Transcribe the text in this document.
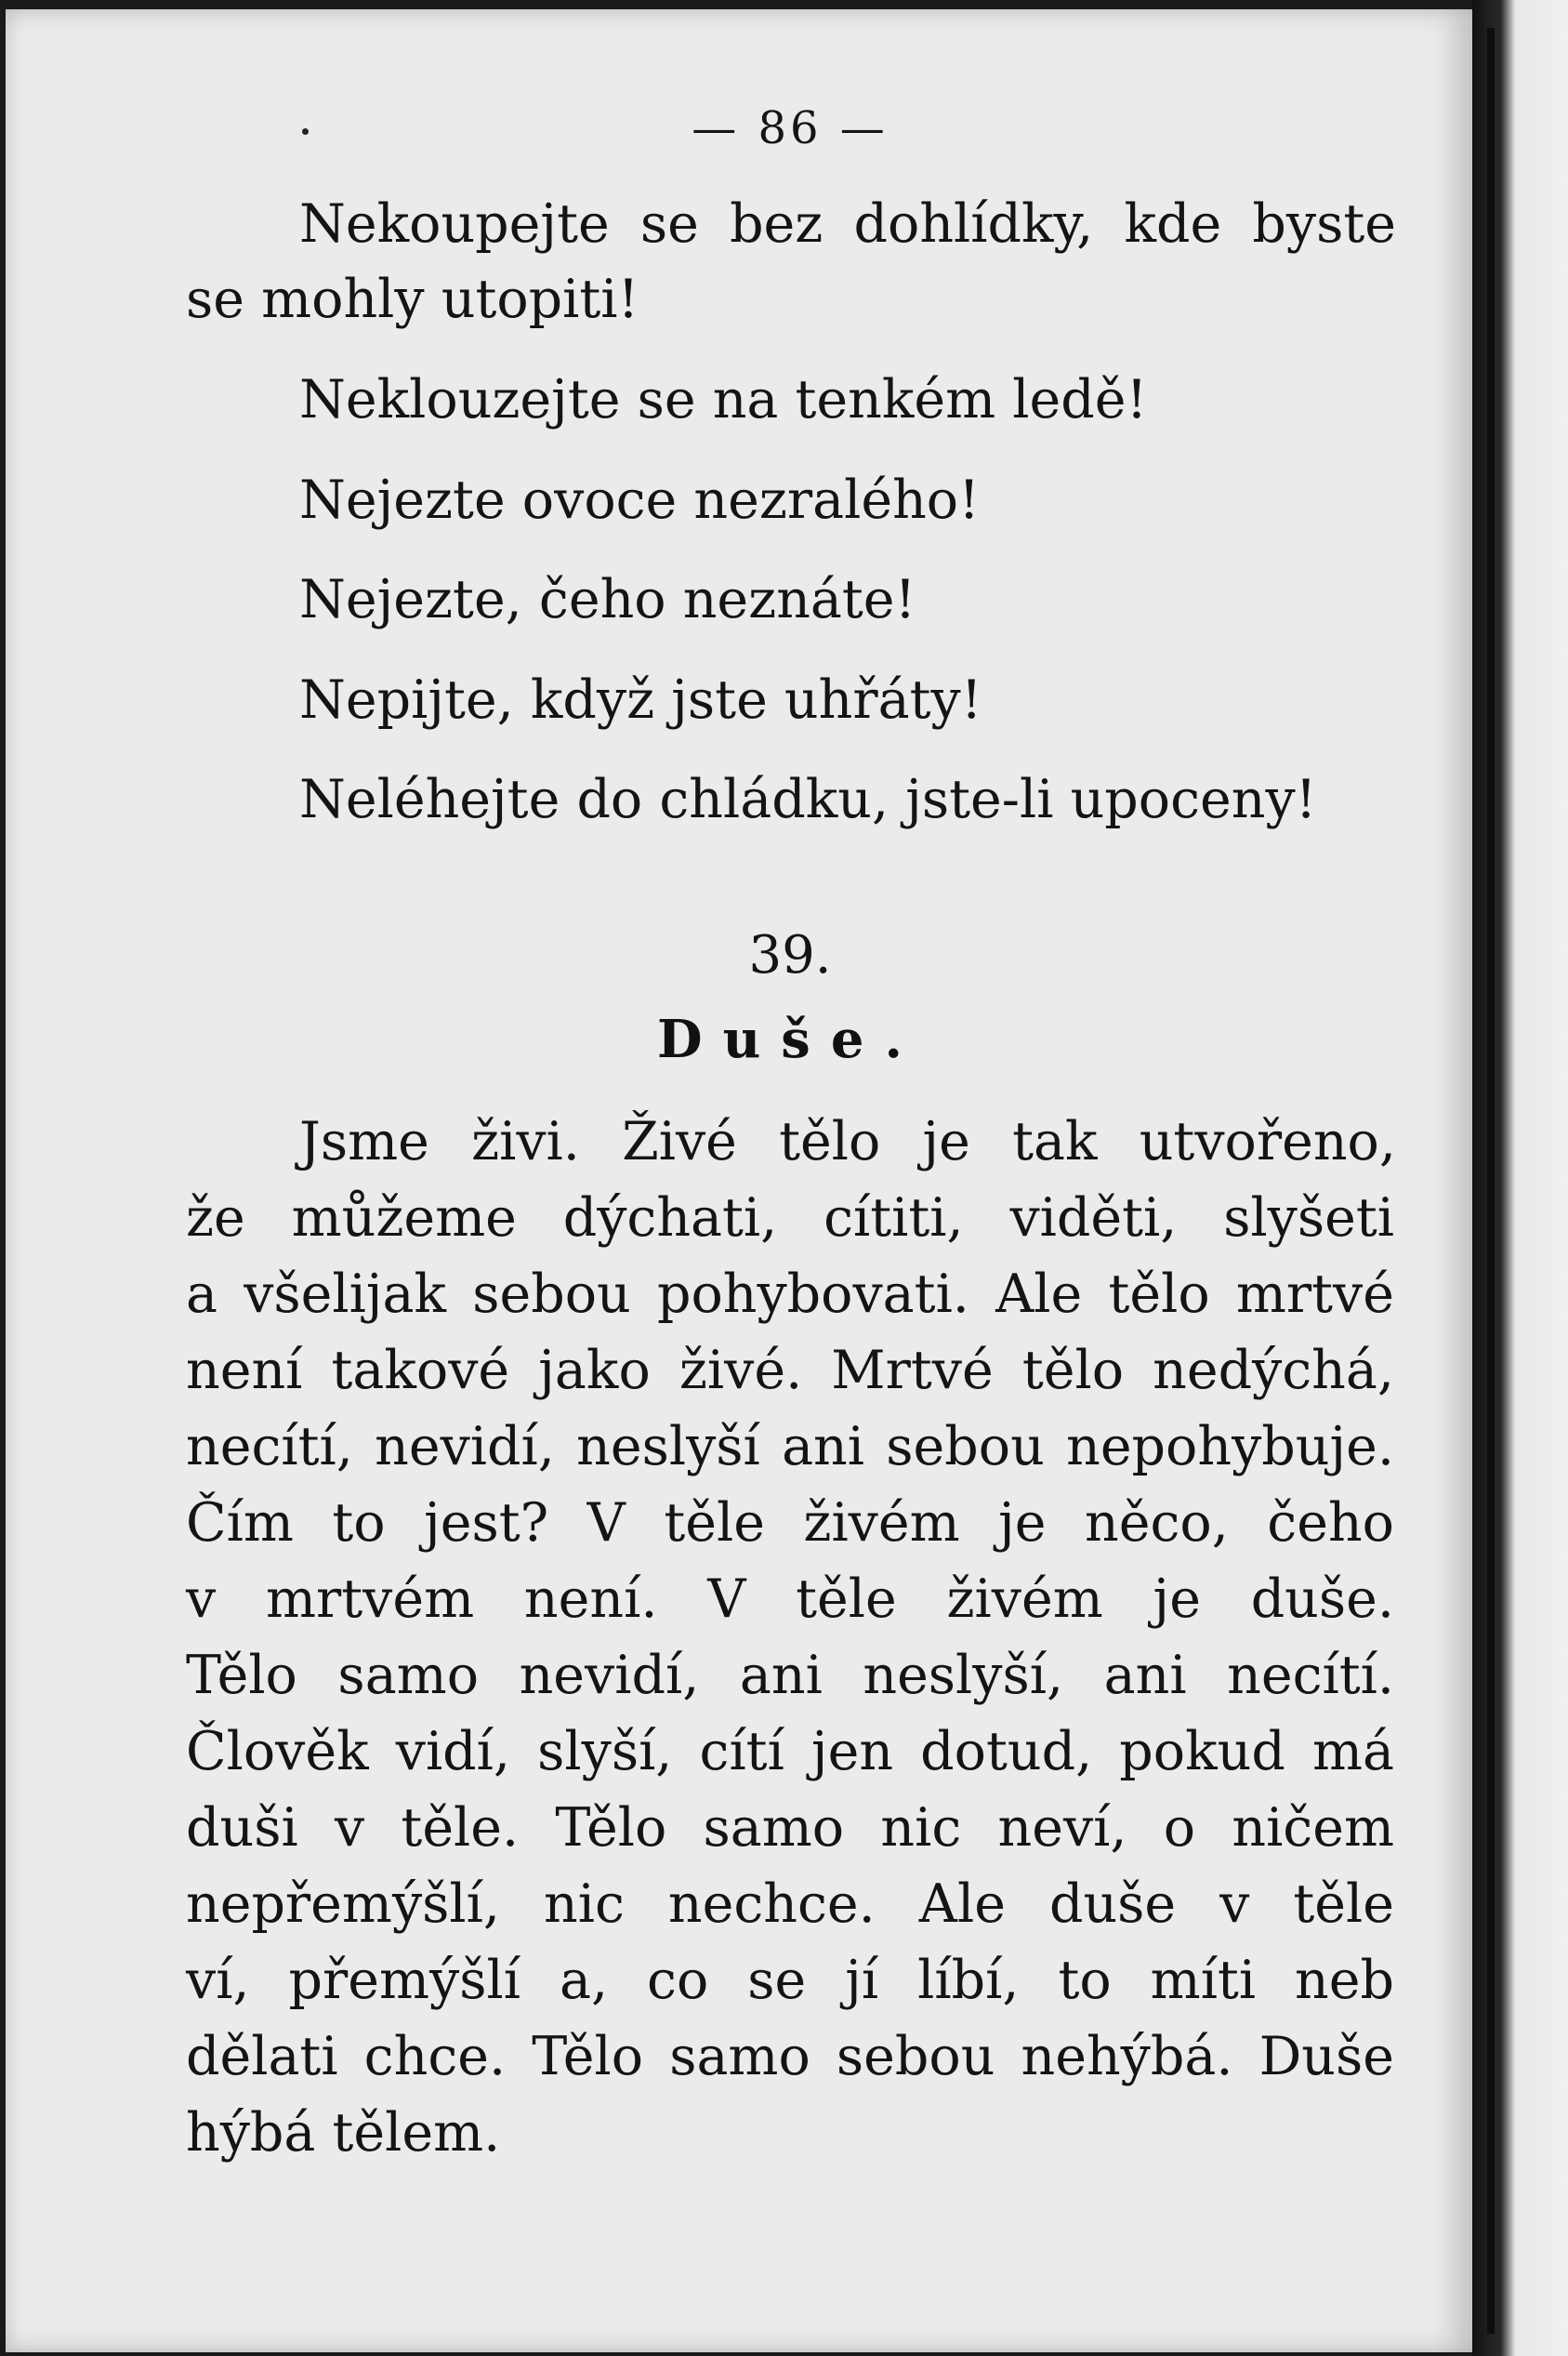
— 86 —
Nekoupejte se bez dohlídky, kde byste
se mohly utopiti!
Neklouzejte se na tenkém ledě!
Nejezte ovoce nezralého!
Nejezte, čeho neznáte!
Nepijte, když jste uhřáty!
Neléhejte do chládku, jste-li upoceny!
39.
Duše.
Jsme živi. Živé tělo je tak utvořeno,
že můžeme dýchati, cítiti, viděti, slyšeti
a všelijak sebou pohybovati. Ale tělo mrtvé
není takové jako živé. Mrtvé tělo nedýchá,
necítí, nevidí, neslyší ani sebou nepohybuje.
Čím to jest? V těle živém je něco, čeho
v mrtvém není. V těle živém je duše.
Tělo samo nevidí, ani neslyší, ani necítí.
Člověk vidí, slyší, cítí jen dotud, pokud má
duši v těle. Tělo samo nic neví, o ničem
nepřemýšlí, nic nechce. Ale duše v těle
ví, přemýšlí a, co se jí líbí, to míti neb
dělati chce. Tělo samo sebou nehýbá. Duše
hýbá tělem.
